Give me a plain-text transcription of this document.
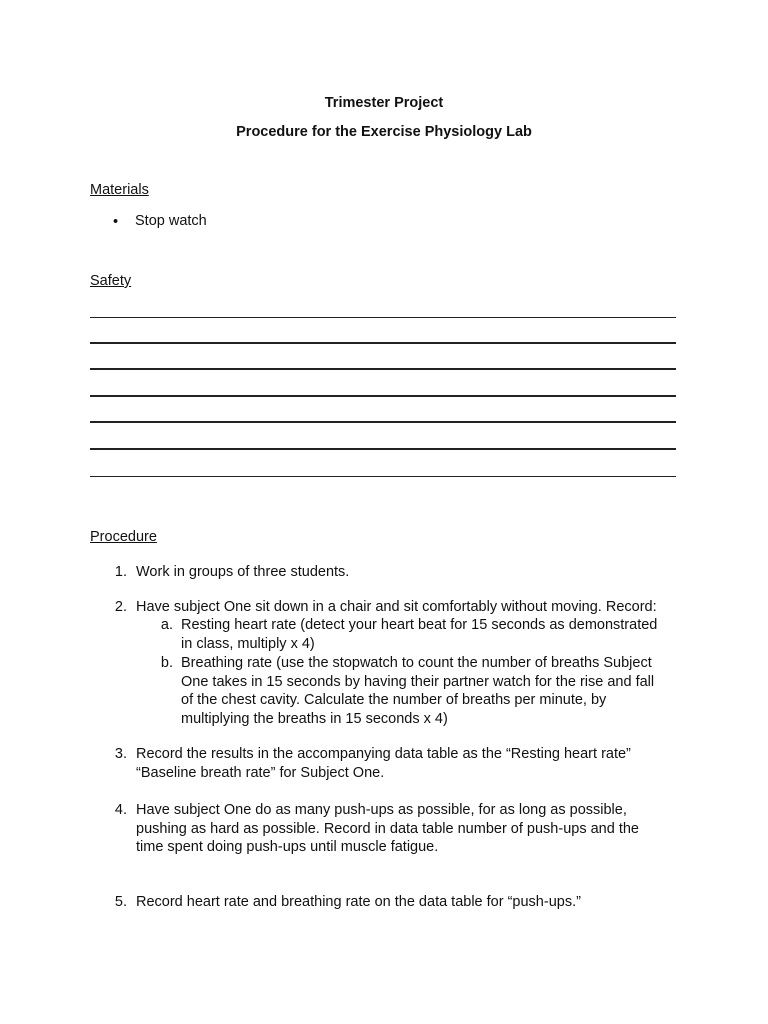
Trimester Project
Procedure for the Exercise Physiology Lab
Materials
• Stop watch
Safety
Procedure
1. Work in groups of three students.
2. Have subject One sit down in a chair and sit comfortably without moving. Record:
a. Resting heart rate (detect your heart beat for 15 seconds as demonstrated
in class, multiply x 4)
b. Breathing rate (use the stopwatch to count the number of breaths Subject
One takes in 15 seconds by having their partner watch for the rise and fall
of the chest cavity. Calculate the number of breaths per minute, by
multiplying the breaths in 15 seconds x 4)
3. Record the results in the accompanying data table as the “Resting heart rate”
“Baseline breath rate” for Subject One.
4. Have subject One do as many push-ups as possible, for as long as possible,
pushing as hard as possible. Record in data table number of push-ups and the
time spent doing push-ups until muscle fatigue.
5. Record heart rate and breathing rate on the data table for “push-ups.”
